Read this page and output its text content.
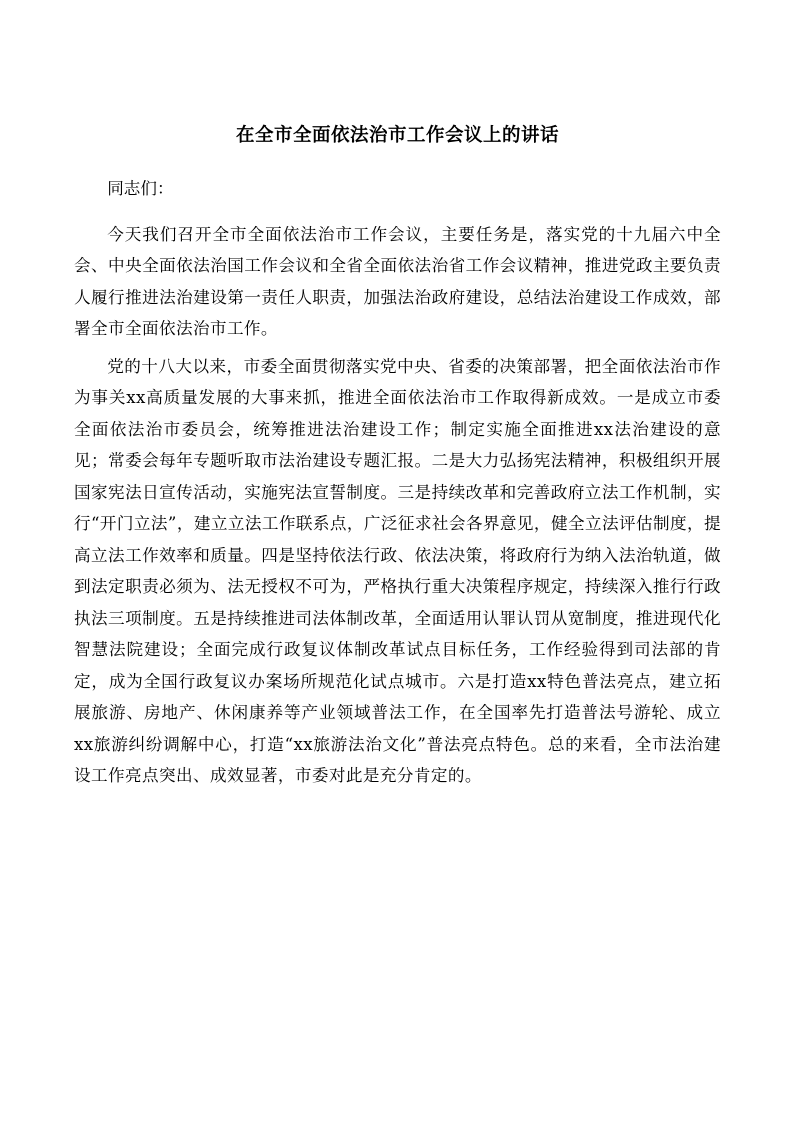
在全市全面依法治市工作会议上的讲话

同志们：

今天我们召开全市全面依法治市工作会议，主要任务是，落实党的十九届六中全会、中央全面依法治国工作会议和全省全面依法治省工作会议精神，推进党政主要负责人履行推进法治建设第一责任人职责，加强法治政府建设，总结法治建设工作成效，部署全市全面依法治市工作。

党的十八大以来，市委全面贯彻落实党中央、省委的决策部署，把全面依法治市作为事关xx高质量发展的大事来抓，推进全面依法治市工作取得新成效。一是成立市委全面依法治市委员会，统筹推进法治建设工作；制定实施全面推进xx法治建设的意见；常委会每年专题听取市法治建设专题汇报。二是大力弘扬宪法精神，积极组织开展国家宪法日宣传活动，实施宪法宣誓制度。三是持续改革和完善政府立法工作机制，实行“开门立法”，建立立法工作联系点，广泛征求社会各界意见，健全立法评估制度，提高立法工作效率和质量。四是坚持依法行政、依法决策，将政府行为纳入法治轨道，做到法定职责必须为、法无授权不可为，严格执行重大决策程序规定，持续深入推行行政执法三项制度。五是持续推进司法体制改革，全面适用认罪认罚从宽制度，推进现代化智慧法院建设；全面完成行政复议体制改革试点目标任务，工作经验得到司法部的肯定，成为全国行政复议办案场所规范化试点城市。六是打造xx特色普法亮点，建立拓展旅游、房地产、休闲康养等产业领域普法工作，在全国率先打造普法号游轮、成立xx旅游纠纷调解中心，打造“xx旅游法治文化”普法亮点特色。总的来看，全市法治建设工作亮点突出、成效显著，市委对此是充分肯定的。
